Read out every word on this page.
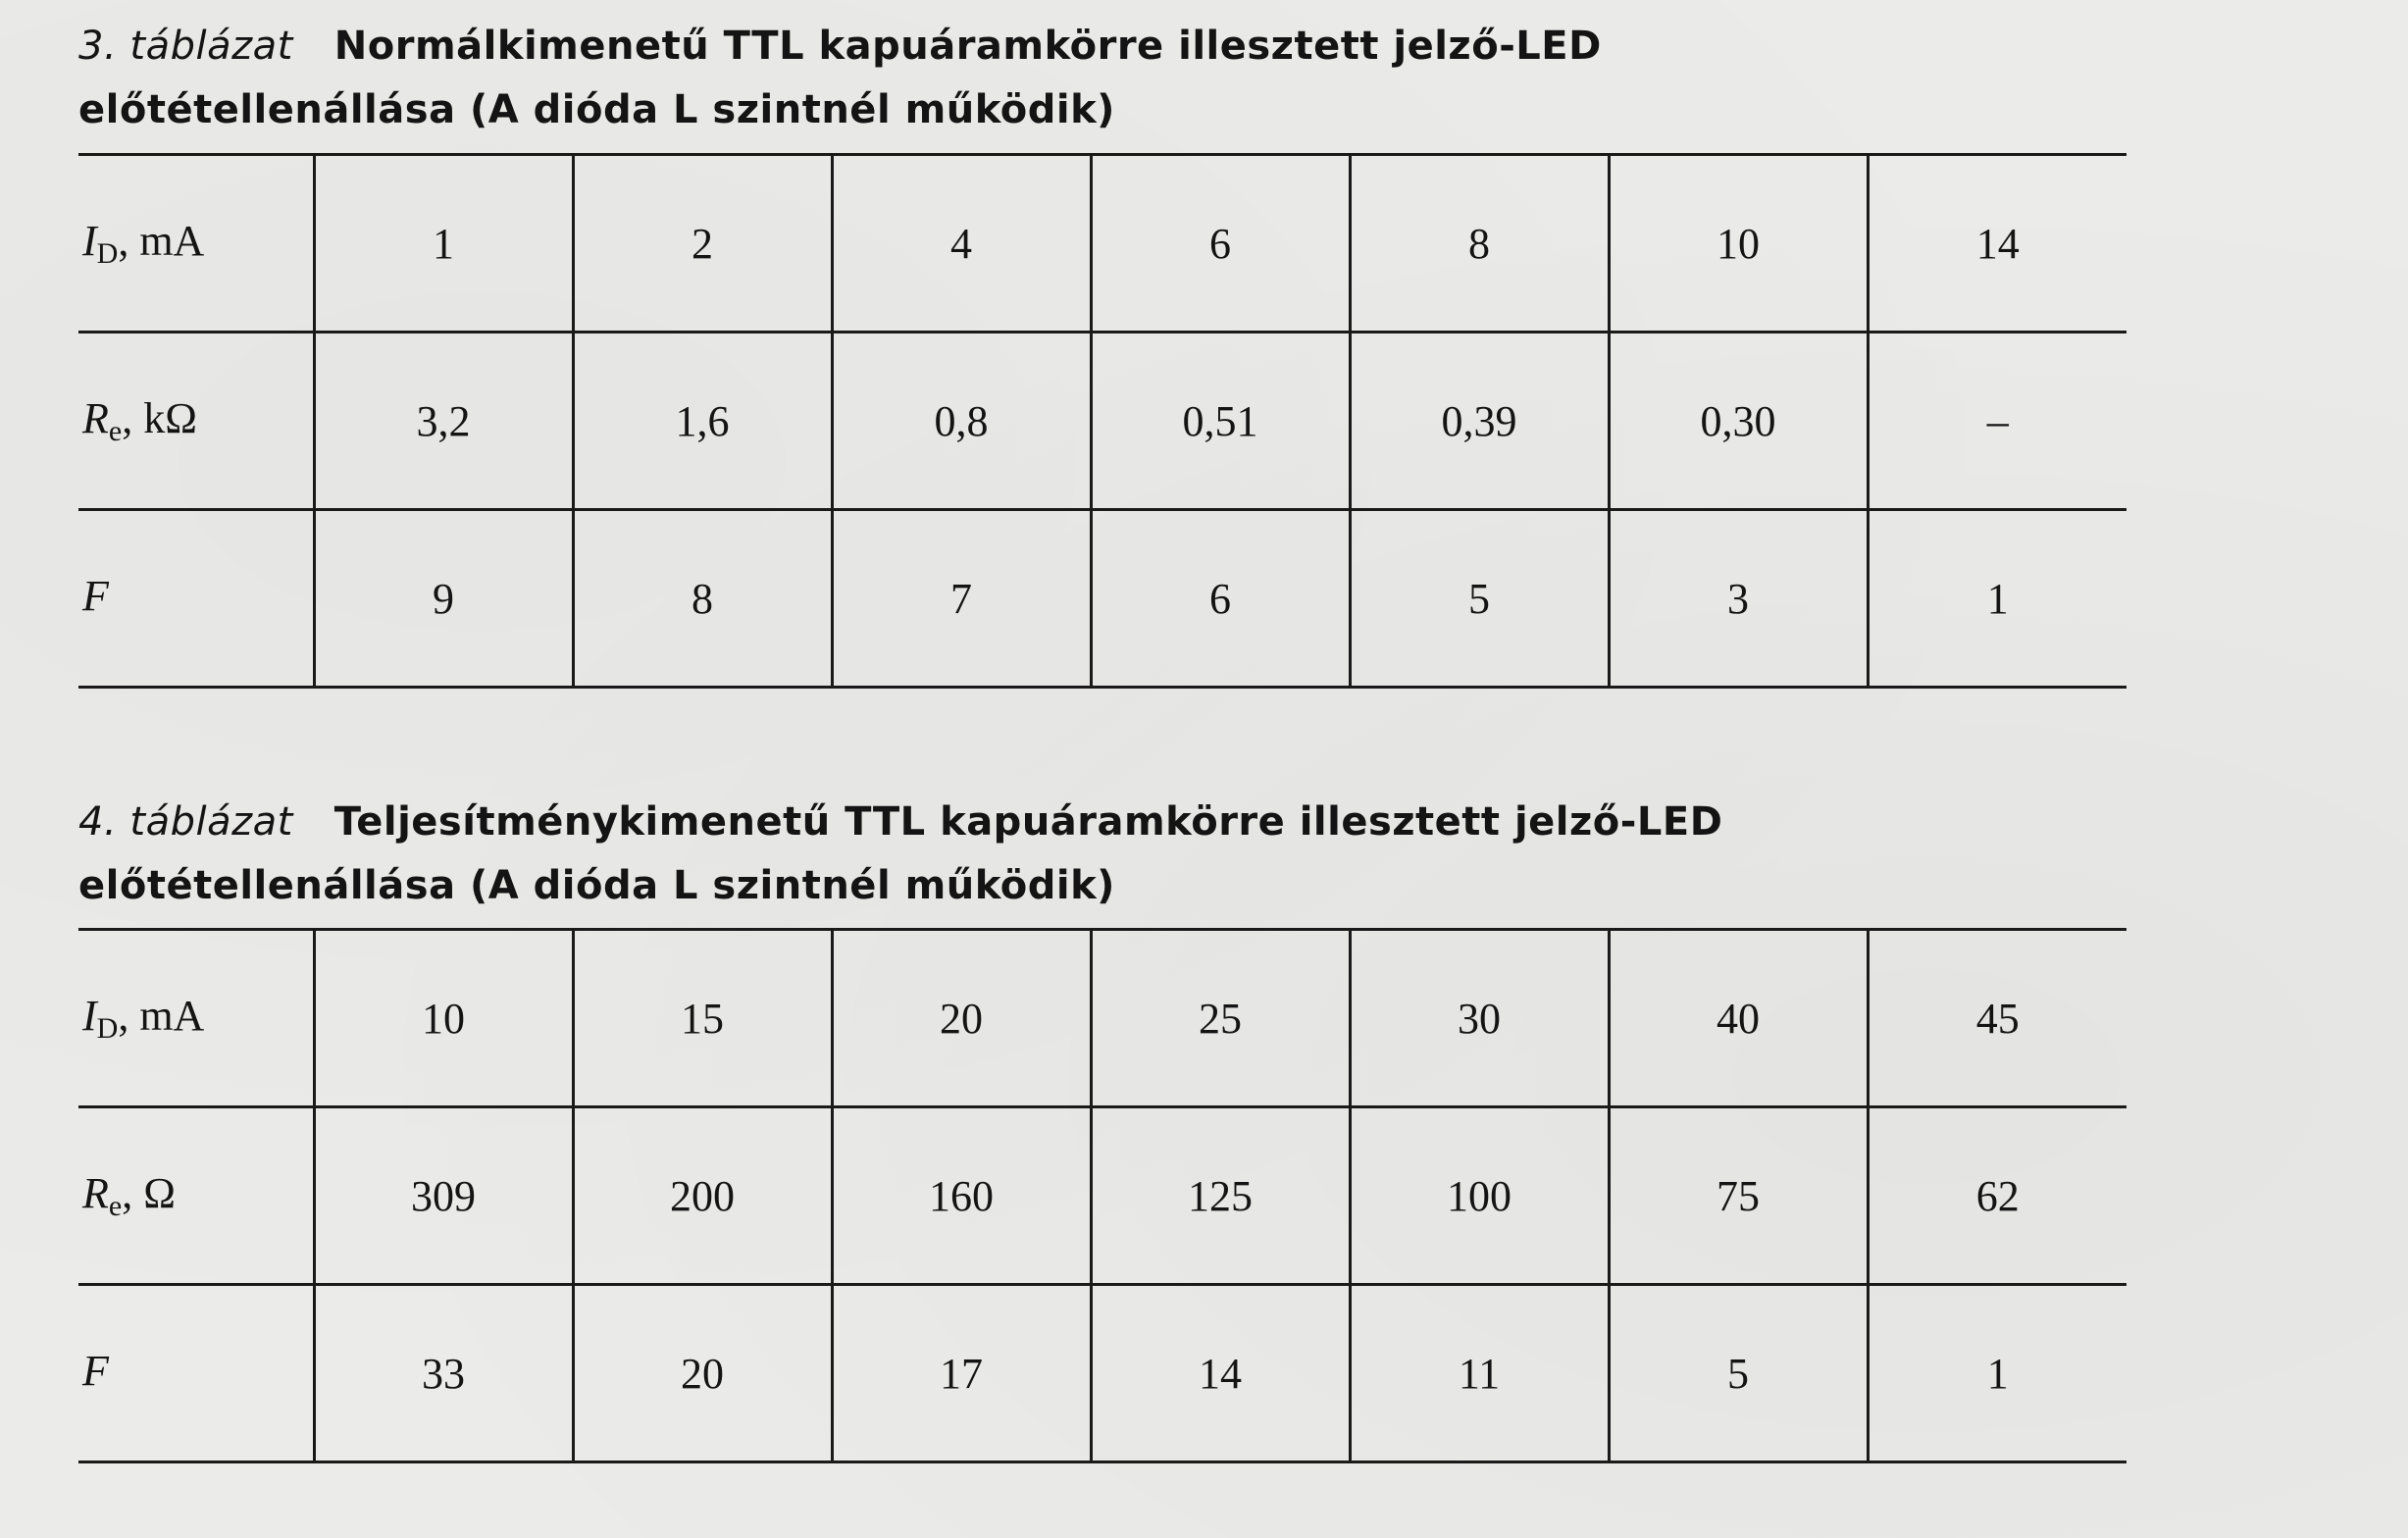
3. táblázat Normálkimenetű TTL kapuáramkörre illesztett jelző-LED
előtétellenállása (A dióda L szintnél működik)
$I_D$, mA	1	2	4	6	8	10	14
$R_e$, kΩ	3,2	1,6	0,8	0,51	0,39	0,30	–
F	9	8	7	6	5	3	1
4. táblázat Teljesítménykimenetű TTL kapuáramkörre illesztett jelző-LED
előtétellenállása (A dióda L szintnél működik)
$I_D$, mA	10	15	20	25	30	40	45
$R_e$, Ω	309	200	160	125	100	75	62
F	33	20	17	14	11	5	1
